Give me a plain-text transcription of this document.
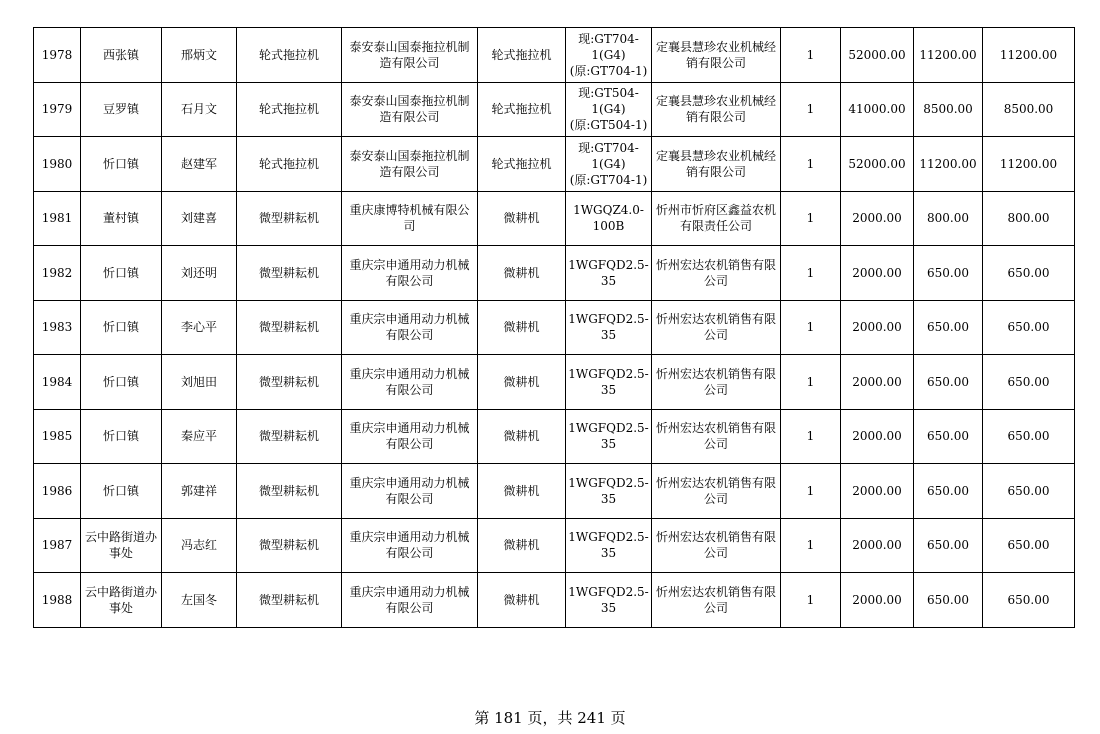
1978	西张镇	邢炳文	轮式拖拉机	泰安泰山国泰拖拉机制造有限公司	轮式拖拉机	现:GT704-1(G4)(原:GT704-1)	定襄县慧珍农业机械经销有限公司	1	52000.00	11200.00	11200.00
1979	豆罗镇	石月文	轮式拖拉机	泰安泰山国泰拖拉机制造有限公司	轮式拖拉机	现:GT504-1(G4)(原:GT504-1)	定襄县慧珍农业机械经销有限公司	1	41000.00	8500.00	8500.00
1980	忻口镇	赵建军	轮式拖拉机	泰安泰山国泰拖拉机制造有限公司	轮式拖拉机	现:GT704-1(G4)(原:GT704-1)	定襄县慧珍农业机械经销有限公司	1	52000.00	11200.00	11200.00
1981	董村镇	刘建喜	微型耕耘机	重庆康博特机械有限公司	微耕机	1WGQZ4.0-100B	忻州市忻府区鑫益农机有限责任公司	1	2000.00	800.00	800.00
1982	忻口镇	刘还明	微型耕耘机	重庆宗申通用动力机械有限公司	微耕机	1WGFQD2.5-35	忻州宏达农机销售有限公司	1	2000.00	650.00	650.00
1983	忻口镇	李心平	微型耕耘机	重庆宗申通用动力机械有限公司	微耕机	1WGFQD2.5-35	忻州宏达农机销售有限公司	1	2000.00	650.00	650.00
1984	忻口镇	刘旭田	微型耕耘机	重庆宗申通用动力机械有限公司	微耕机	1WGFQD2.5-35	忻州宏达农机销售有限公司	1	2000.00	650.00	650.00
1985	忻口镇	秦应平	微型耕耘机	重庆宗申通用动力机械有限公司	微耕机	1WGFQD2.5-35	忻州宏达农机销售有限公司	1	2000.00	650.00	650.00
1986	忻口镇	郭建祥	微型耕耘机	重庆宗申通用动力机械有限公司	微耕机	1WGFQD2.5-35	忻州宏达农机销售有限公司	1	2000.00	650.00	650.00
1987	云中路街道办事处	冯志红	微型耕耘机	重庆宗申通用动力机械有限公司	微耕机	1WGFQD2.5-35	忻州宏达农机销售有限公司	1	2000.00	650.00	650.00
1988	云中路街道办事处	左国冬	微型耕耘机	重庆宗申通用动力机械有限公司	微耕机	1WGFQD2.5-35	忻州宏达农机销售有限公司	1	2000.00	650.00	650.00
第 181 页，共 241 页
